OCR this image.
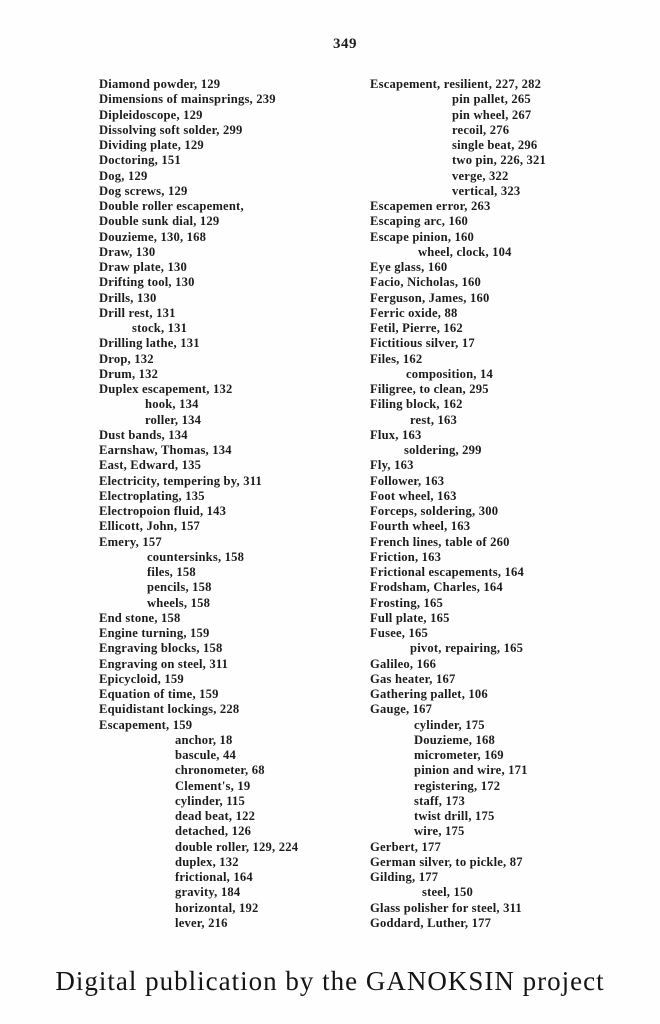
349
Diamond powder, 129
Dimensions of mainsprings, 239
Dipleidoscope, 129
Dissolving soft solder, 299
Dividing plate, 129
Doctoring, 151
Dog, 129
Dog screws, 129
Double roller escapement,
Double sunk dial, 129
Douzieme, 130, 168
Draw, 130
Draw plate, 130
Drifting tool, 130
Drills, 130
Drill rest, 131
stock, 131
Drilling lathe, 131
Drop, 132
Drum, 132
Duplex escapement, 132
hook, 134
roller, 134
Dust bands, 134
Earnshaw, Thomas, 134
East, Edward, 135
Electricity, tempering by, 311
Electroplating, 135
Electropoion fluid, 143
Ellicott, John, 157
Emery, 157
countersinks, 158
files, 158
pencils, 158
wheels, 158
End stone, 158
Engine turning, 159
Engraving blocks, 158
Engraving on steel, 311
Epicycloid, 159
Equation of time, 159
Equidistant lockings, 228
Escapement, 159
anchor, 18
bascule, 44
chronometer, 68
Clement's, 19
cylinder, 115
dead beat, 122
detached, 126
double roller, 129, 224
duplex, 132
frictional, 164
gravity, 184
horizontal, 192
lever, 216
Escapement, resilient, 227, 282
pin pallet, 265
pin wheel, 267
recoil, 276
single beat, 296
two pin, 226, 321
verge, 322
vertical, 323
Escapemen error, 263
Escaping arc, 160
Escape pinion, 160
wheel, clock, 104
Eye glass, 160
Facio, Nicholas, 160
Ferguson, James, 160
Ferric oxide, 88
Fetil, Pierre, 162
Fictitious silver, 17
Files, 162
composition, 14
Filigree, to clean, 295
Filing block, 162
rest, 163
Flux, 163
soldering, 299
Fly, 163
Follower, 163
Foot wheel, 163
Forceps, soldering, 300
Fourth wheel, 163
French lines, table of 260
Friction, 163
Frictional escapements, 164
Frodsham, Charles, 164
Frosting, 165
Full plate, 165
Fusee, 165
pivot, repairing, 165
Galileo, 166
Gas heater, 167
Gathering pallet, 106
Gauge, 167
cylinder, 175
Douzieme, 168
micrometer, 169
pinion and wire, 171
registering, 172
staff, 173
twist drill, 175
wire, 175
Gerbert, 177
German silver, to pickle, 87
Gilding, 177
steel, 150
Glass polisher for steel, 311
Goddard, Luther, 177
Digital publication by the GANOKSIN project
